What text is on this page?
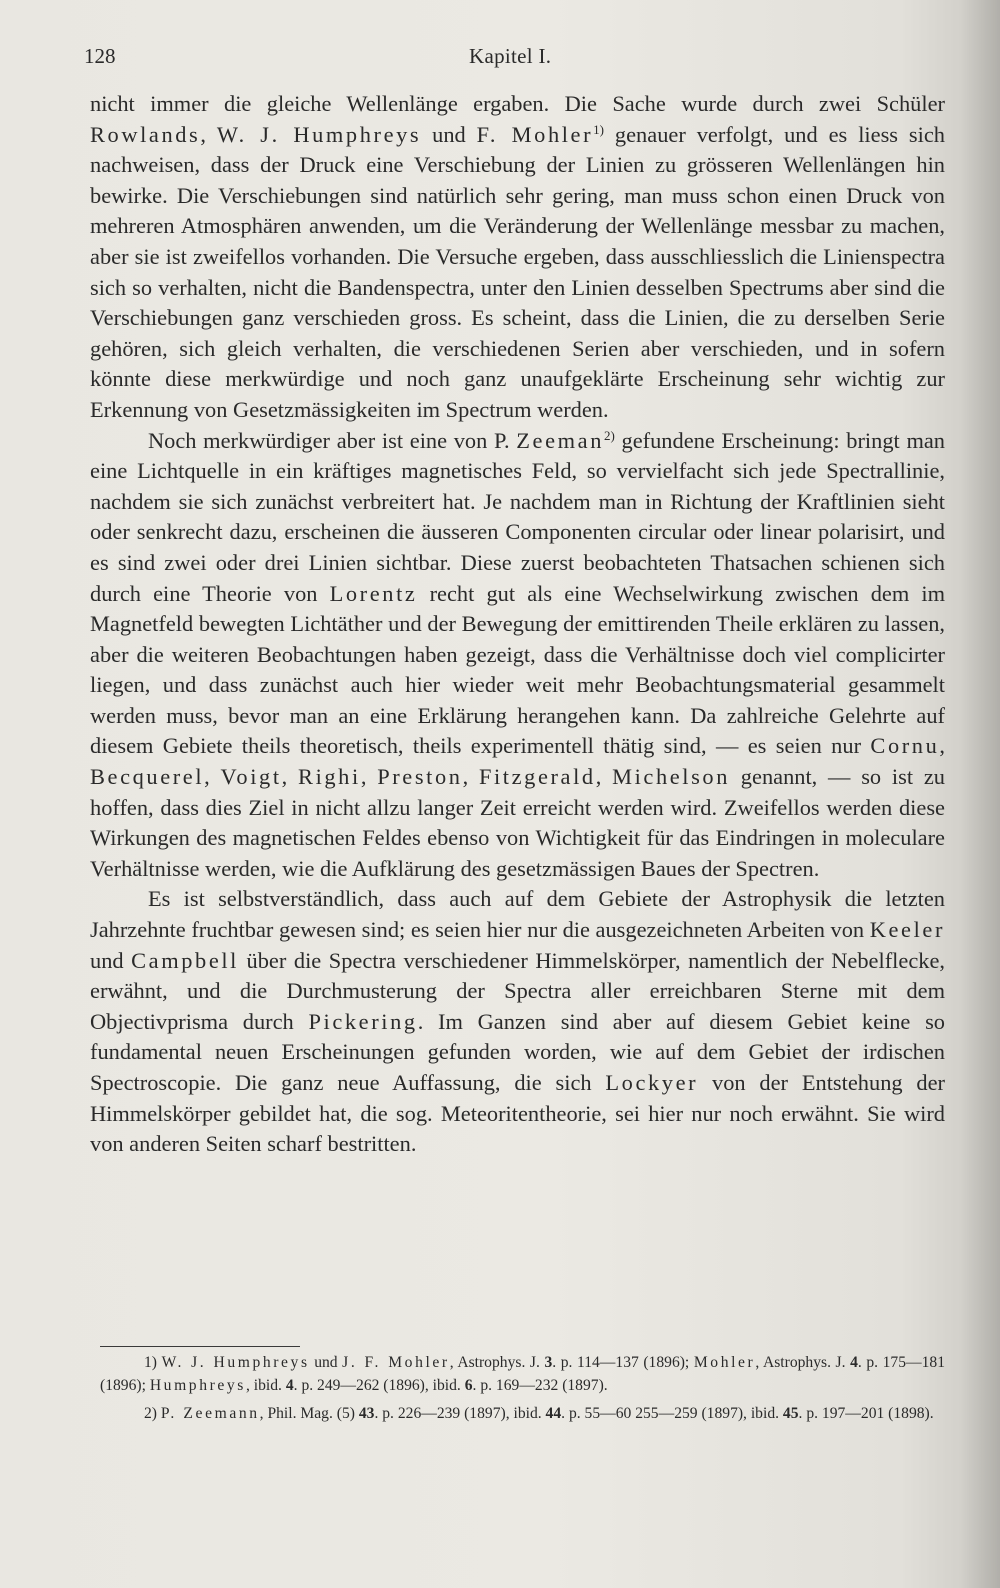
128	Kapitel I.

nicht immer die gleiche Wellenlänge ergaben. Die Sache wurde durch zwei Schüler Rowlands, W. J. Humphreys und F. Mohler$^{1)}$ genauer verfolgt, und es liess sich nachweisen, dass der Druck eine Verschiebung der Linien zu grösseren Wellenlängen hin bewirke. Die Verschiebungen sind natürlich sehr gering, man muss schon einen Druck von mehreren Atmosphären anwenden, um die Veränderung der Wellenlänge messbar zu machen, aber sie ist zweifellos vorhanden. Die Versuche ergeben, dass ausschliesslich die Linienspectra sich so verhalten, nicht die Bandenspectra, unter den Linien desselben Spectrums aber sind die Verschiebungen ganz verschieden gross. Es scheint, dass die Linien, die zu derselben Serie gehören, sich gleich verhalten, die verschiedenen Serien aber verschieden, und in sofern könnte diese merkwürdige und noch ganz unaufgeklärte Erscheinung sehr wichtig zur Erkennung von Gesetzmässigkeiten im Spectrum werden.

Noch merkwürdiger aber ist eine von P. Zeeman$^{2)}$ gefundene Erscheinung: bringt man eine Lichtquelle in ein kräftiges magnetisches Feld, so vervielfacht sich jede Spectrallinie, nachdem sie sich zunächst verbreitert hat. Je nachdem man in Richtung der Kraftlinien sieht oder senkrecht dazu, erscheinen die äusseren Componenten circular oder linear polarisirt, und es sind zwei oder drei Linien sichtbar. Diese zuerst beobachteten Thatsachen schienen sich durch eine Theorie von Lorentz recht gut als eine Wechselwirkung zwischen dem im Magnetfeld bewegten Lichtäther und der Bewegung der emittirenden Theile erklären zu lassen, aber die weiteren Beobachtungen haben gezeigt, dass die Verhältnisse doch viel complicirter liegen, und dass zunächst auch hier wieder weit mehr Beobachtungsmaterial gesammelt werden muss, bevor man an eine Erklärung herangehen kann. Da zahlreiche Gelehrte auf diesem Gebiete theils theoretisch, theils experimentell thätig sind, — es seien nur Cornu, Becquerel, Voigt, Righi, Preston, Fitzgerald, Michelson genannt, — so ist zu hoffen, dass dies Ziel in nicht allzu langer Zeit erreicht werden wird. Zweifellos werden diese Wirkungen des magnetischen Feldes ebenso von Wichtigkeit für das Eindringen in moleculare Verhältnisse werden, wie die Aufklärung des gesetzmässigen Baues der Spectren.

Es ist selbstverständlich, dass auch auf dem Gebiete der Astrophysik die letzten Jahrzehnte fruchtbar gewesen sind; es seien hier nur die ausgezeichneten Arbeiten von Keeler und Campbell über die Spectra verschiedener Himmelskörper, namentlich der Nebelflecke, erwähnt, und die Durchmusterung der Spectra aller erreichbaren Sterne mit dem Objectivprisma durch Pickering. Im Ganzen sind aber auf diesem Gebiet keine so fundamental neuen Erscheinungen gefunden worden, wie auf dem Gebiet der irdischen Spectroscopie. Die ganz neue Auffassung, die sich Lockyer von der Entstehung der Himmelskörper gebildet hat, die sog. Meteoritentheorie, sei hier nur noch erwähnt. Sie wird von anderen Seiten scharf bestritten.

1) W. J. Humphreys und J. F. Mohler, Astrophys. J. 3. p. 114—137 (1896); Mohler, Astrophys. J. 4. p. 175—181 (1896); Humphreys, ibid. 4. p. 249—262 (1896), ibid. 6. p. 169—232 (1897).

2) P. Zeemann, Phil. Mag. (5) 43. p. 226—239 (1897), ibid. 44. p. 55—60 255—259 (1897), ibid. 45. p. 197—201 (1898).
